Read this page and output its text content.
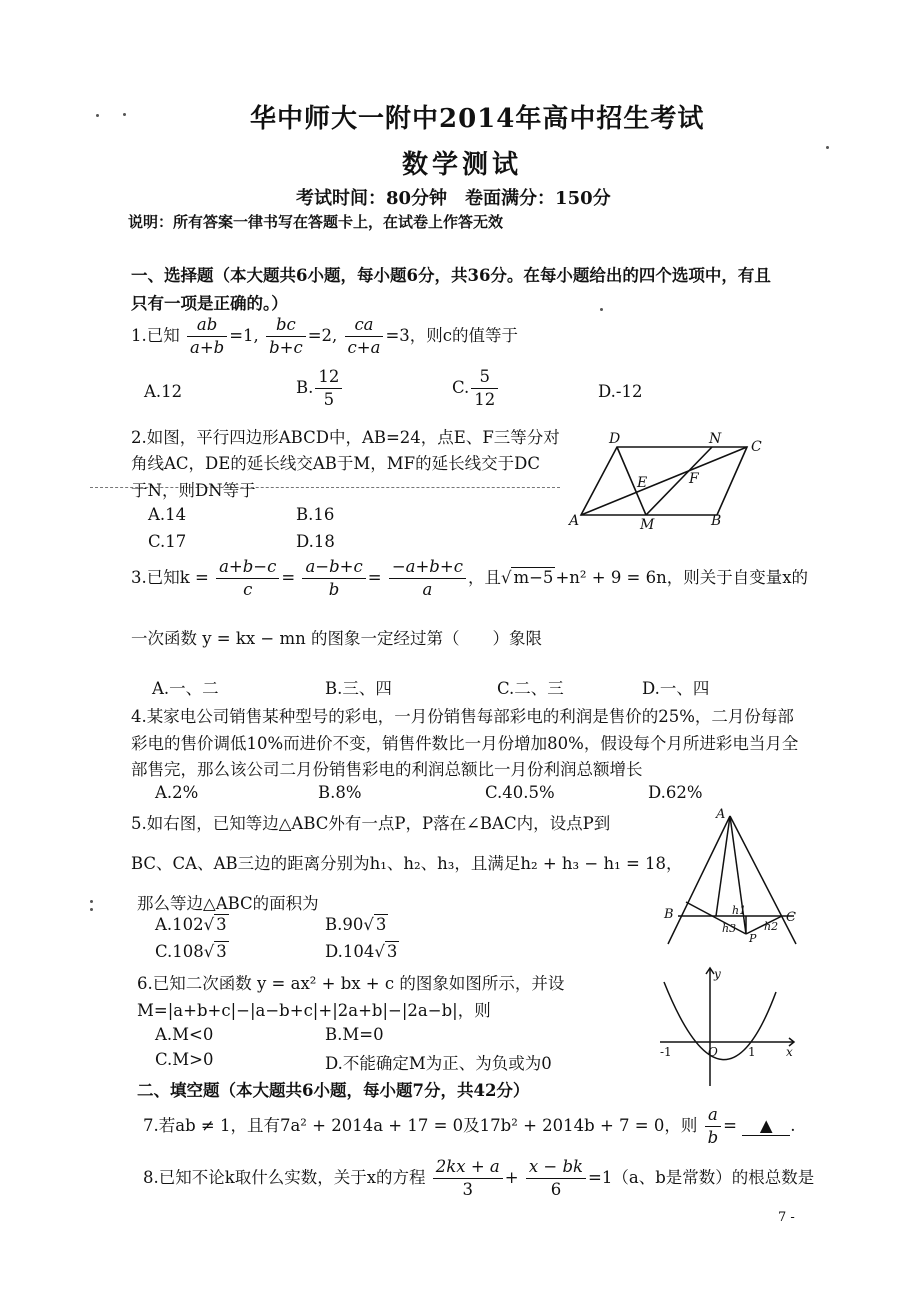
华中师大一附中2014年高中招生考试
数学测试
考试时间：80分钟　卷面满分：150分
说明：所有答案一律书写在答题卡上，在试卷上作答无效
一、选择题（本大题共6小题，每小题6分，共36分。在每小题给出的四个选项中，有且
只有一项是正确的。）
1.已知 $\frac{ab}{a+b} =1$, $\frac{bc}{b+c} =2$, $\frac{ca}{c+a} =3$，则c的值等于
A.12	B. $\frac{12}{5}$	C. $\frac{5}{12}$	D.-12
2.如图，平行四边形ABCD中，AB=24，点E、F三等分对
角线AC，DE的延长线交AB于M，MF的延长线交于DC
于N，则DN等于
A.14	B.16
C.17	D.18
D	N C
E	F
A	M	B
3.已知$k = \frac{a+b-c}{c} = \frac{a-b+c}{b} = \frac{-a+b+c}{a}$ ，且√ m−5 +n² + 9 = 6n，则关于自变量x的
一次函数 y = kx − mn 的图象一定经过第（　　）象限
A.一、二	B.三、四	C.二、三	D.一、四
4.某家电公司销售某种型号的彩电，一月份销售每部彩电的利润是售价的25%，二月份每部
彩电的售价调低10%而进价不变，销售件数比一月份增加80%，假设每个月所进彩电当月全
部售完，那么该公司二月份销售彩电的利润总额比一月份利润总额增长
A.2%	B.8%	C.40.5%	D.62%
5.如右图，已知等边△ABC外有一点P，P落在∠BAC内，设点P到
BC、CA、AB三边的距离分别为h₁、h₂、h₃，且满足h₂ + h₃ − h₁ = 18，
那么等边△ABC的面积为
A.102√ 3	B.90√ 3
C.108√ 3	D.104√ 3
A
B	C
P
h1
h2
h3
6.已知二次函数 y = ax² + bx + c 的图象如图所示，并设
M=|a+b+c|−|a−b+c|+|2a+b|−|2a−b|，则
A.M<0	B.M=0
C.M>0	D.不能确定M为正、为负或为0
y
x
O
-1	1
二、填空题（本大题共6小题，每小题7分，共42分）
7.若ab ≠ 1，且有7a² + 2014a + 17 = 0及17b² + 2014b + 7 = 0，则 $\frac{a}{b}$ = ▲ .
8.已知不论k取什么实数，关于x的方程 $\frac{2kx + a}{3} + \frac{x - bk}{6} =1(a$、b是常数）的根总数是
7 -
